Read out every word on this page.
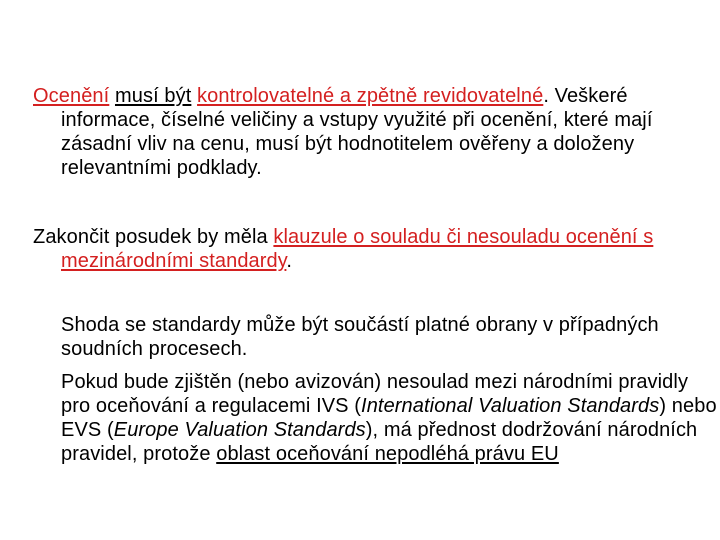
Ocenění musí být kontrolovatelné a zpětně revidovatelné. Veškeré informace, číselné veličiny a vstupy využité při ocenění, které mají zásadní vliv na cenu, musí být hodnotitelem ověřeny a doloženy relevantními podklady.

Zakončit posudek by měla klauzule o souladu či nesouladu ocenění s mezinárodními standardy.

Shoda se standardy může být součástí platné obrany v případných soudních procesech.

Pokud bude zjištěn (nebo avizován) nesoulad mezi národními pravidly pro oceňování a regulacemi IVS (International Valuation Standards) nebo EVS (Europe Valuation Standards), má přednost dodržování národních pravidel, protože oblast oceňování nepodléhá právu EU
